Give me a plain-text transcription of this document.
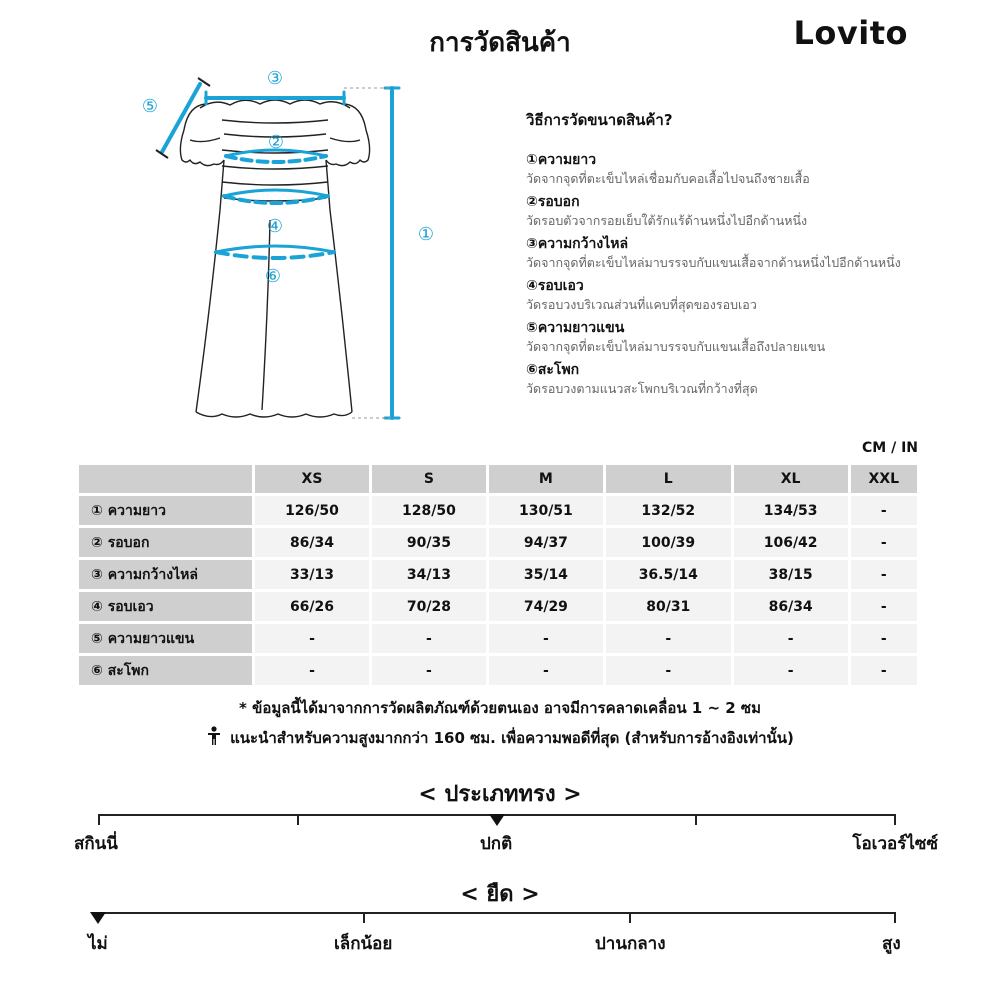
การวัดสินค้า	Lovito
①
②
③
④
⑤
⑥
วิธีการวัดขนาดสินค้า?
①ความยาว
วัดจากจุดที่ตะเข็บไหล่เชื่อมกับคอเสื้อไปจนถึงชายเสื้อ
②รอบอก
วัดรอบตัวจากรอยเย็บใต้รักแร้ด้านหนึ่งไปอีกด้านหนึ่ง
③ความกว้างไหล่
วัดจากจุดที่ตะเข็บไหล่มาบรรจบกับแขนเสื้อจากด้านหนึ่งไปอีกด้านหนึ่ง
④รอบเอว
วัดรอบวงบริเวณส่วนที่แคบที่สุดของรอบเอว
⑤ความยาวแขน
วัดจากจุดที่ตะเข็บไหล่มาบรรจบกับแขนเสื้อถึงปลายแขน
⑥สะโพก
วัดรอบวงตามแนวสะโพกบริเวณที่กว้างที่สุด
CM / IN
	XS	S	M	L	XL	XXL
① ความยาว	126/50	128/50	130/51	132/52	134/53	-
② รอบอก	86/34	90/35	94/37	100/39	106/42	-
③ ความกว้างไหล่	33/13	34/13	35/14	36.5/14	38/15	-
④ รอบเอว	66/26	70/28	74/29	80/31	86/34	-
⑤ ความยาวแขน	-	-	-	-	-	-
⑥ สะโพก	-	-	-	-	-	-
* ข้อมูลนี้ได้มาจากการวัดผลิตภัณฑ์ด้วยตนเอง อาจมีการคลาดเคลื่อน 1 ~ 2 ซม
แนะนำสำหรับความสูงมากกว่า 160 ซม. เพื่อความพอดีที่สุด (สำหรับการอ้างอิงเท่านั้น)
< ประเภททรง >
สกินนี่	ปกติ	โอเวอร์ไซซ์
< ยืด >
ไม่	เล็กน้อย	ปานกลาง	สูง
